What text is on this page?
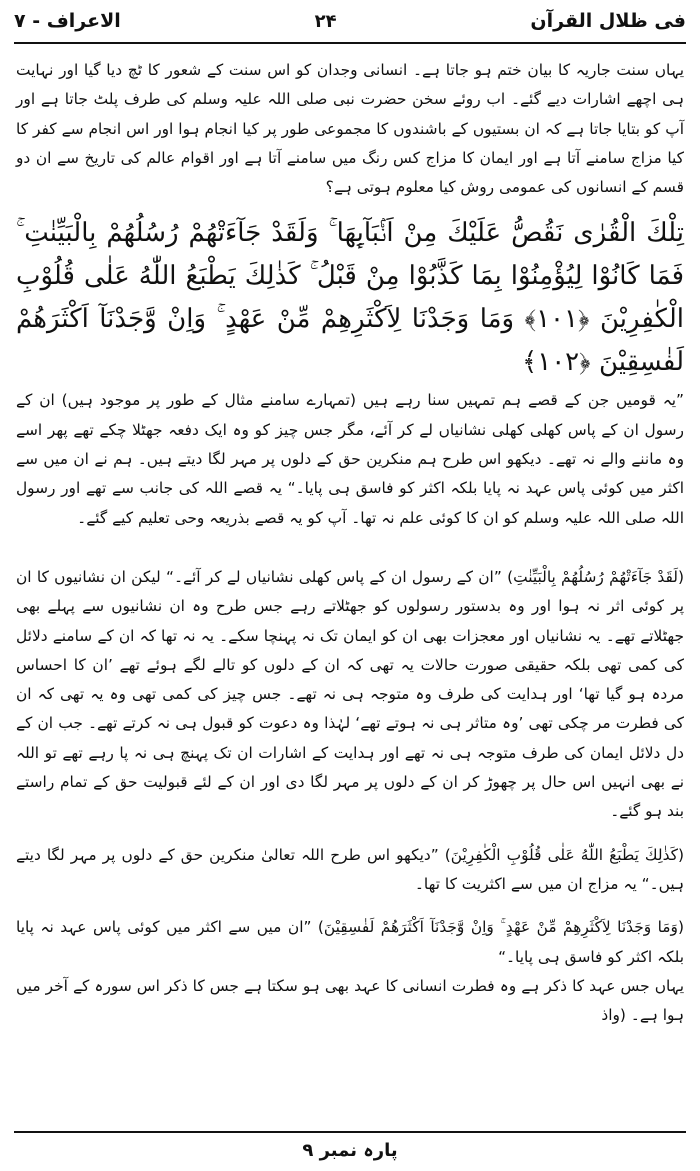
فی ظلال القرآن
۲۴
الاعراف - ۷

یہاں سنت جاریہ کا بیان ختم ہو جاتا ہے۔ انسانی وجدان کو اس سنت کے شعور کا ٹچ دیا گیا اور نہایت ہی اچھے اشارات دیے گئے۔ اب روئے سخن حضرت نبی صلی اللہ علیہ وسلم کی طرف پلٹ جاتا ہے اور آپ کو بتایا جاتا ہے کہ ان بستیوں کے باشندوں کا مجموعی طور پر کیا انجام ہوا اور اس انجام سے کفر کا کیا مزاج سامنے آتا ہے اور ایمان کا مزاج کس رنگ میں سامنے آتا ہے اور اقوام عالم کی تاریخ سے ان دو قسم کے انسانوں کی عمومی روش کیا معلوم ہوتی ہے؟

تِلْكَ الْقُرٰى نَقُصُّ عَلَيْكَ مِنْ اَنْۢبَآىِٕهَا ۚ وَلَقَدْ جَآءَتْهُمْ رُسُلُهُمْ بِالْبَيِّنٰتِ ۚ فَمَا كَانُوْا لِيُؤْمِنُوْا بِمَا كَذَّبُوْا مِنْ قَبْلُ ۚ كَذٰلِكَ يَطْبَعُ اللّٰهُ عَلٰى قُلُوْبِ الْكٰفِرِيْنَ ﴿۱۰۱﴾ وَمَا وَجَدْنَا لِاَكْثَرِهِمْ مِّنْ عَهْدٍ ۚ وَاِنْ وَّجَدْنَآ اَكْثَرَهُمْ لَفٰسِقِيْنَ ﴿۱۰۲﴾

”یہ قومیں جن کے قصے ہم تمہیں سنا رہے ہیں (تمہارے سامنے مثال کے طور پر موجود ہیں) ان کے رسول ان کے پاس کھلی کھلی نشانیاں لے کر آئے، مگر جس چیز کو وہ ایک دفعہ جھٹلا چکے تھے پھر اسے وہ ماننے والے نہ تھے۔ دیکھو اس طرح ہم منکرین حق کے دلوں پر مہر لگا دیتے ہیں۔ ہم نے ان میں سے اکثر میں کوئی پاس عہد نہ پایا بلکہ اکثر کو فاسق ہی پایا۔“ یہ قصے اللہ کی جانب سے تھے اور رسول اللہ صلی اللہ علیہ وسلم کو ان کا کوئی علم نہ تھا۔ آپ کو یہ قصے بذریعہ وحی تعلیم کیے گئے۔

(لَقَدْ جَآءَتْهُمْ رُسُلُهُمْ بِالْبَيِّنٰتِ) ”ان کے رسول ان کے پاس کھلی نشانیاں لے کر آئے۔“ لیکن ان نشانیوں کا ان پر کوئی اثر نہ ہوا اور وہ بدستور رسولوں کو جھٹلاتے رہے جس طرح وہ ان نشانیوں سے پہلے بھی جھٹلاتے تھے۔ یہ نشانیاں اور معجزات بھی ان کو ایمان تک نہ پہنچا سکے۔ یہ نہ تھا کہ ان کے سامنے دلائل کی کمی تھی بلکہ حقیقی صورت حالات یہ تھی کہ ان کے دلوں کو تالے لگے ہوئے تھے ’ان کا احساس مردہ ہو گیا تھا‘ اور ہدایت کی طرف وہ متوجہ ہی نہ تھے۔ جس چیز کی کمی تھی وہ یہ تھی کہ ان کی فطرت مر چکی تھی ’وہ متاثر ہی نہ ہوتے تھے‘ لہٰذا وہ دعوت کو قبول ہی نہ کرتے تھے۔ جب ان کے دل دلائل ایمان کی طرف متوجہ ہی نہ تھے اور ہدایت کے اشارات ان تک پہنچ ہی نہ پا رہے تھے تو اللہ نے بھی انہیں اس حال پر چھوڑ کر ان کے دلوں پر مہر لگا دی اور ان کے لئے قبولیت حق کے تمام راستے بند ہو گئے۔

(كَذٰلِكَ يَطْبَعُ اللّٰهُ عَلٰى قُلُوْبِ الْكٰفِرِيْنَ) ”دیکھو اس طرح اللہ تعالیٰ منکرین حق کے دلوں پر مہر لگا دیتے ہیں۔“ یہ مزاج ان میں سے اکثریت کا تھا۔

(وَمَا وَجَدْنَا لِاَكْثَرِهِمْ مِّنْ عَهْدٍ ۚ وَاِنْ وَّجَدْنَآ اَكْثَرَهُمْ لَفٰسِقِيْنَ) ”ان میں سے اکثر میں کوئی پاس عہد نہ پایا بلکہ اکثر کو فاسق ہی پایا۔“

یہاں جس عہد کا ذکر ہے وہ فطرت انسانی کا عہد بھی ہو سکتا ہے جس کا ذکر اس سورہ کے آخر میں ہوا ہے۔ (واذ

پارہ نمبر ۹
